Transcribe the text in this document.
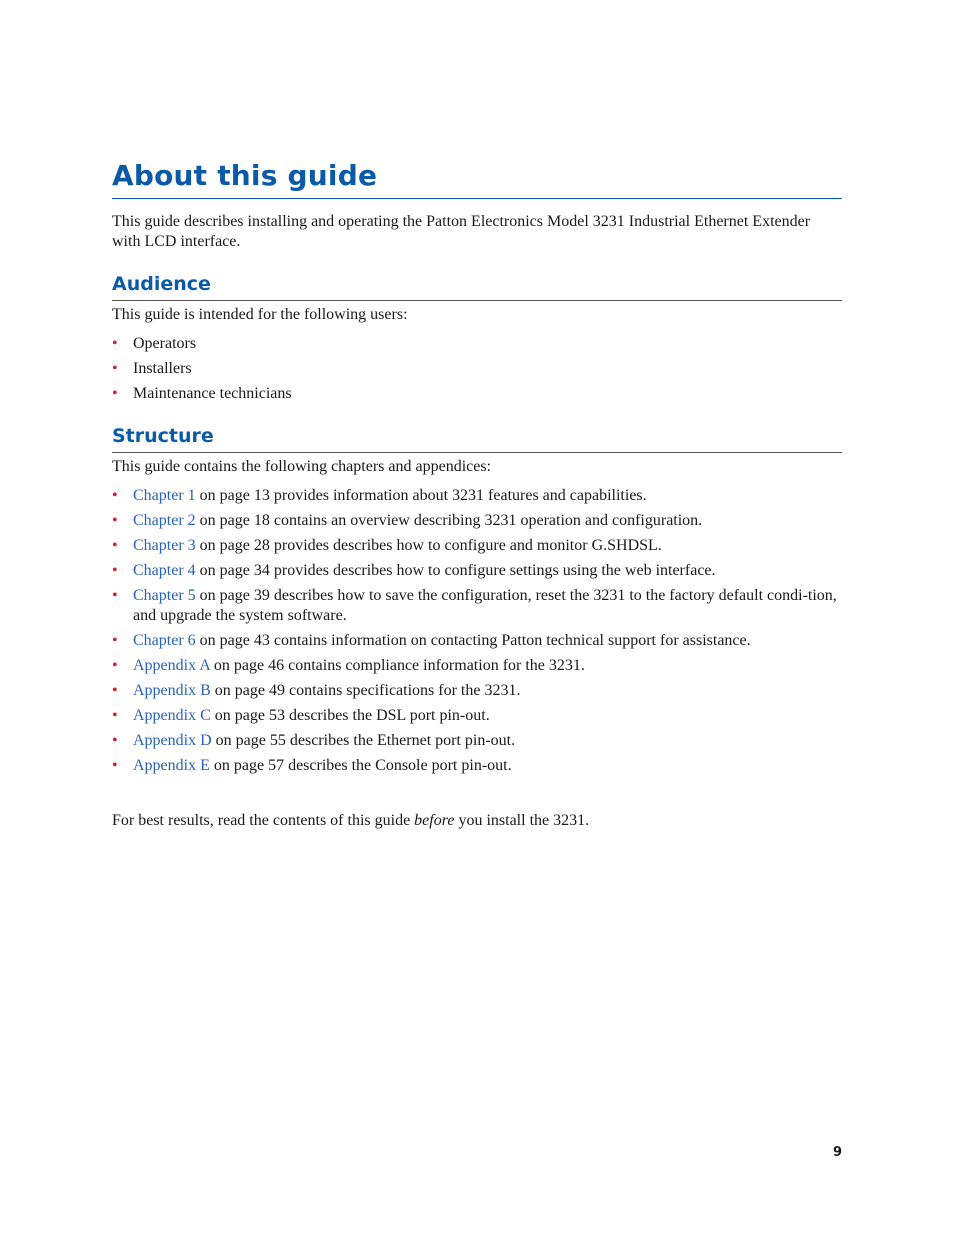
About this guide

This guide describes installing and operating the Patton Electronics Model 3231 Industrial Ethernet Extender with LCD interface.

Audience

This guide is intended for the following users:

• Operators
• Installers
• Maintenance technicians
Structure

This guide contains the following chapters and appendices:

• Chapter 1 on page 13 provides information about 3231 features and capabilities.
• Chapter 2 on page 18 contains an overview describing 3231 operation and configuration.
• Chapter 3 on page 28 provides describes how to configure and monitor G.SHDSL.
• Chapter 4 on page 34 provides describes how to configure settings using the web interface.
• Chapter 5 on page 39 describes how to save the configuration, reset the 3231 to the factory default condi-tion, and upgrade the system software.
• Chapter 6 on page 43 contains information on contacting Patton technical support for assistance.
• Appendix A on page 46 contains compliance information for the 3231.
• Appendix B on page 49 contains specifications for the 3231.
• Appendix C on page 53 describes the DSL port pin-out.
• Appendix D on page 55 describes the Ethernet port pin-out.
• Appendix E on page 57 describes the Console port pin-out.

For best results, read the contents of this guide before you install the 3231.

9
